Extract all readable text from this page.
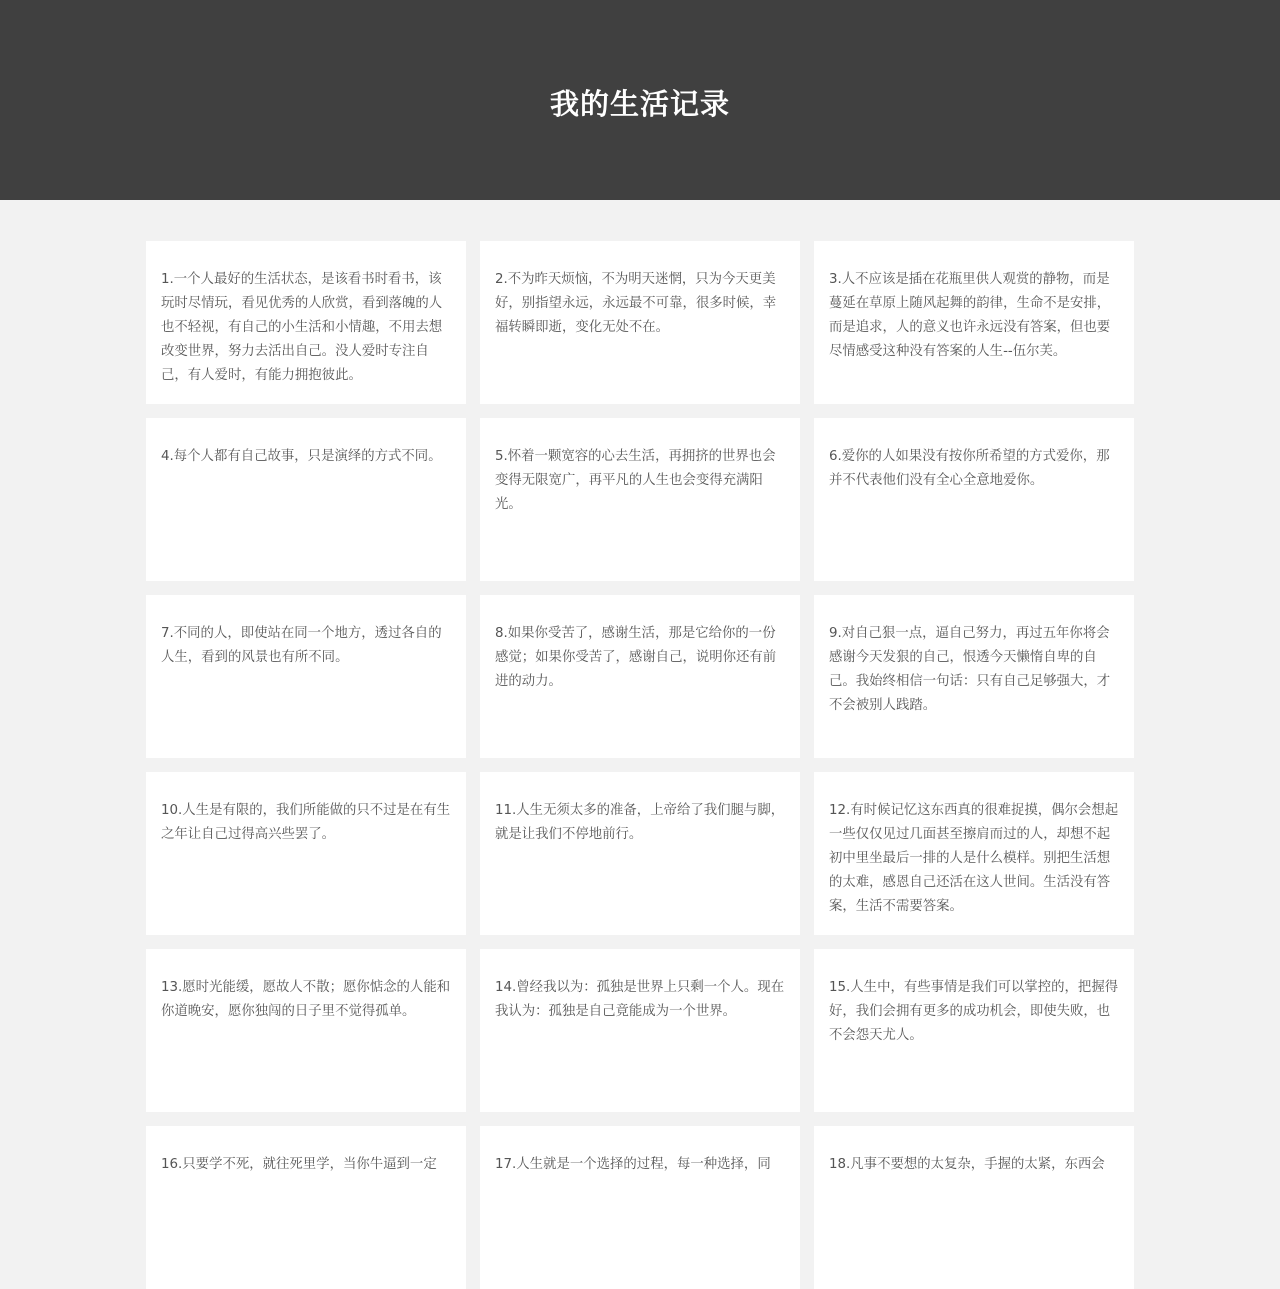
我的生活记录

1.一个人最好的生活状态，是该看书时看书，该玩时尽情玩，看见优秀的人欣赏，看到落魄的人也不轻视，有自己的小生活和小情趣，不用去想改变世界，努力去活出自己。没人爱时专注自己，有人爱时，有能力拥抱彼此。

2.不为昨天烦恼，不为明天迷惘，只为今天更美好，别指望永远，永远最不可靠，很多时候，幸福转瞬即逝，变化无处不在。

3.人不应该是插在花瓶里供人观赏的静物，而是蔓延在草原上随风起舞的韵律，生命不是安排，而是追求，人的意义也许永远没有答案，但也要尽情感受这种没有答案的人生--伍尔芙。

4.每个人都有自己故事，只是演绎的方式不同。	5.怀着一颗宽容的心去生活，再拥挤的世界也会变得无限宽广，再平凡的人生也会变得充满阳光。

6.爱你的人如果没有按你所希望的方式爱你，那并不代表他们没有全心全意地爱你。

7.不同的人，即使站在同一个地方，透过各自的人生，看到的风景也有所不同。

8.如果你受苦了，感谢生活，那是它给你的一份感觉；如果你受苦了，感谢自己，说明你还有前进的动力。

9.对自己狠一点，逼自己努力，再过五年你将会感谢今天发狠的自己，恨透今天懒惰自卑的自己。我始终相信一句话：只有自己足够强大，才不会被别人践踏。

10.人生是有限的，我们所能做的只不过是在有生之年让自己过得高兴些罢了。

11.人生无须太多的准备，上帝给了我们腿与脚，就是让我们不停地前行。

12.有时候记忆这东西真的很难捉摸，偶尔会想起一些仅仅见过几面甚至擦肩而过的人，却想不起初中里坐最后一排的人是什么模样。别把生活想的太难，感恩自己还活在这人世间。生活没有答案，生活不需要答案。

13.愿时光能缓，愿故人不散；愿你惦念的人能和你道晚安，愿你独闯的日子里不觉得孤单。

14.曾经我以为：孤独是世界上只剩一个人。现在我认为：孤独是自己竟能成为一个世界。

15.人生中，有些事情是我们可以掌控的，把握得好，我们会拥有更多的成功机会，即使失败，也不会怨天尤人。

16.只要学不死，就往死里学，当你牛逼到一定	17.人生就是一个选择的过程，每一种选择，同	18.凡事不要想的太复杂，手握的太紧，东西会
